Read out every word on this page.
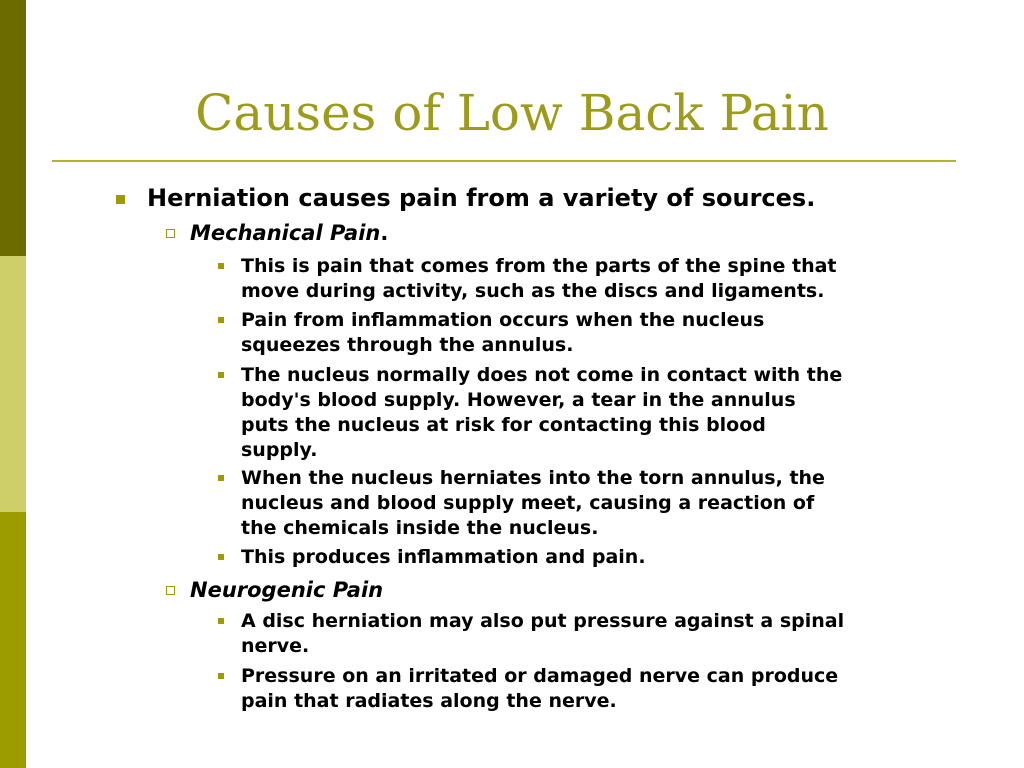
Causes of Low Back Pain
Herniation causes pain from a variety of sources.
Mechanical Pain.
This is pain that comes from the parts of the spine that
move during activity, such as the discs and ligaments.
Pain from inflammation occurs when the nucleus
squeezes through the annulus.
The nucleus normally does not come in contact with the
body's blood supply. However, a tear in the annulus
puts the nucleus at risk for contacting this blood
supply.
When the nucleus herniates into the torn annulus, the
nucleus and blood supply meet, causing a reaction of
the chemicals inside the nucleus.
This produces inflammation and pain.
Neurogenic Pain
A disc herniation may also put pressure against a spinal
nerve.
Pressure on an irritated or damaged nerve can produce
pain that radiates along the nerve.
